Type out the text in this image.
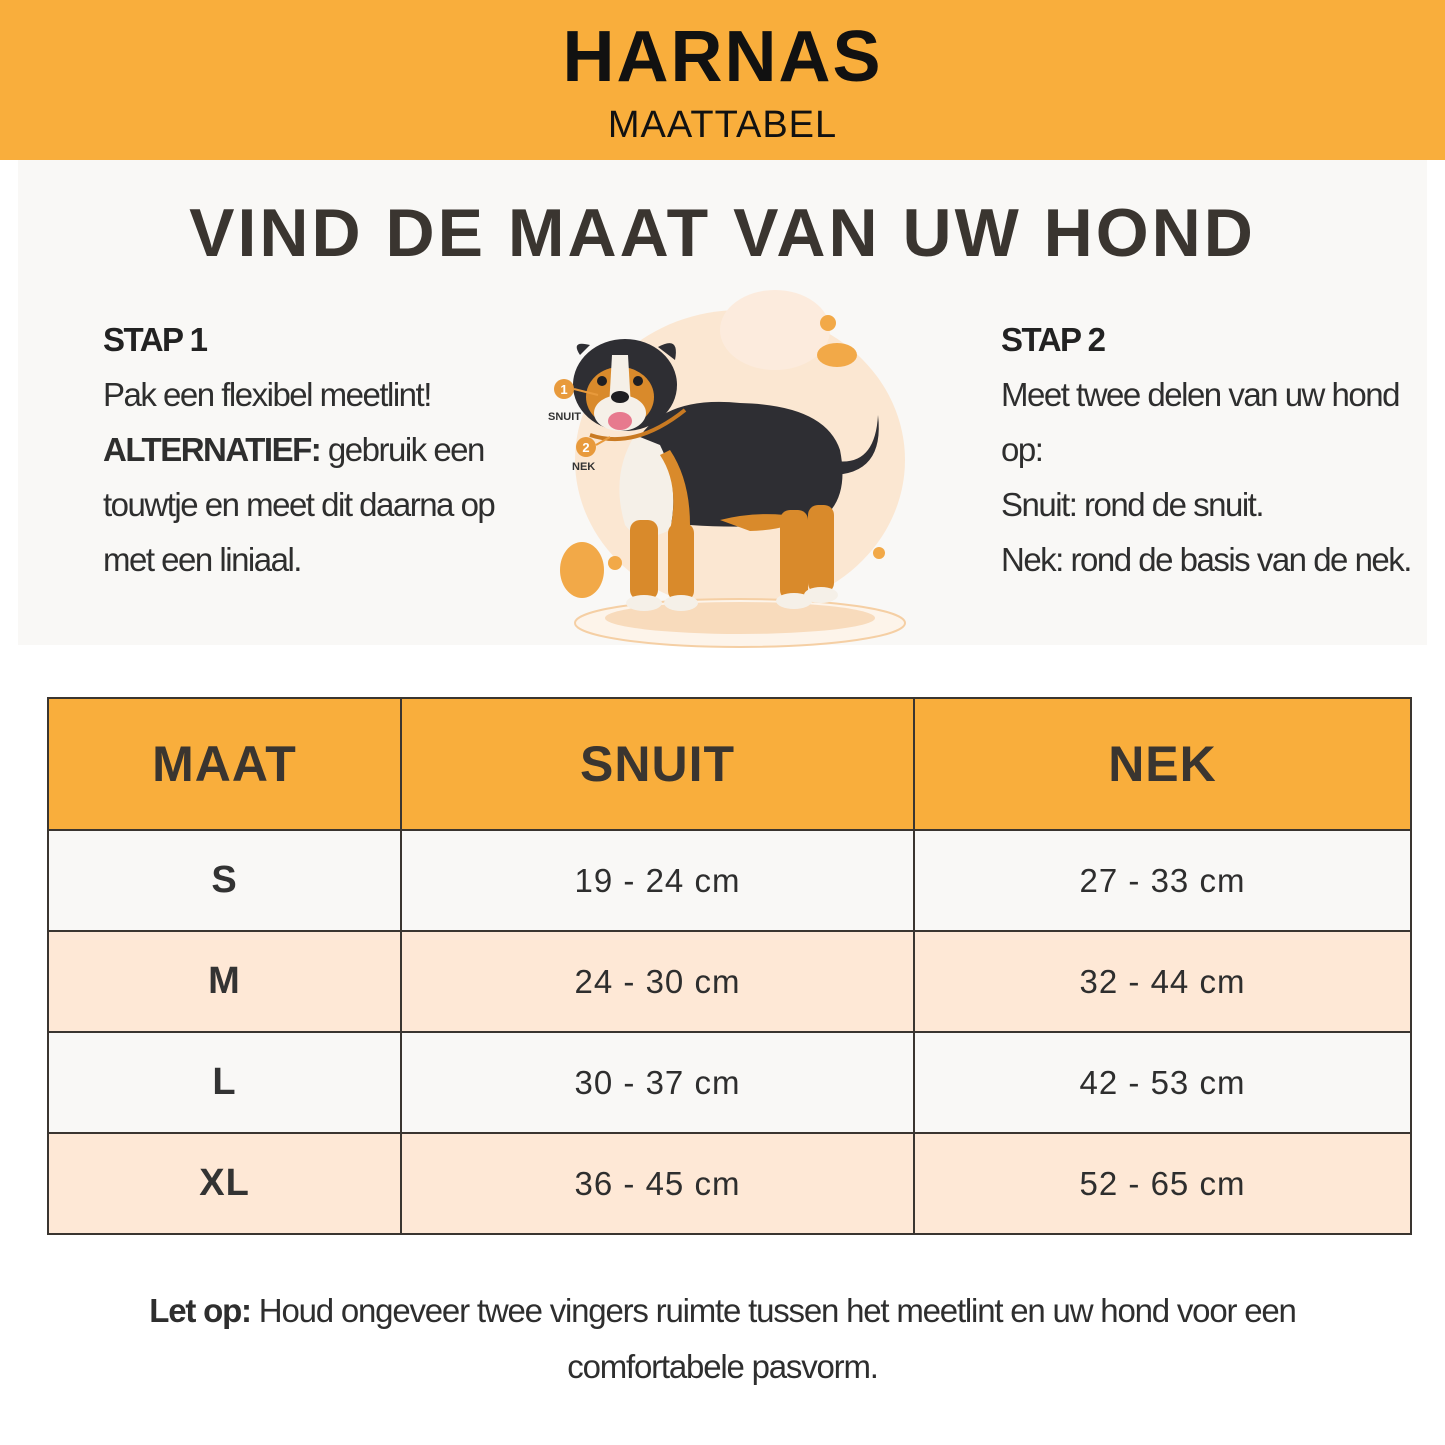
HARNAS
MAATTABEL
VIND DE MAAT VAN UW HOND
STAP 1

Pak een flexibel meetlint!
ALTERNATIEF: gebruik een touwtje en meet dit daarna op met een liniaal.

1
SNUIT
2
NEK
STAP 2

Meet twee delen van uw hond op:
Snuit: rond de snuit.
Nek: rond de basis van de nek.

MAAT	SNUIT	NEK
S	19 - 24 cm	27 - 33 cm
M	24 - 30 cm	32 - 44 cm
L	30 - 37 cm	42 - 53 cm
XL	36 - 45 cm	52 - 65 cm
Let op: Houd ongeveer twee vingers ruimte tussen het meetlint en uw hond voor een comfortabele pasvorm.
